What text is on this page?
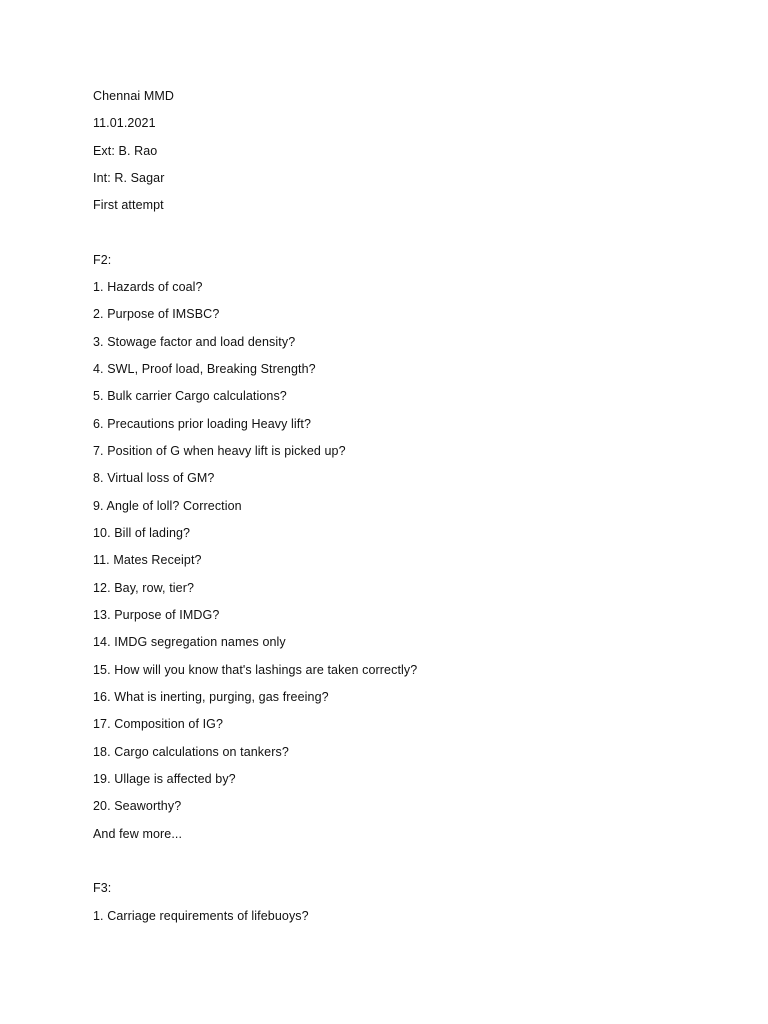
Chennai MMD
11.01.2021
Ext: B. Rao
Int: R. Sagar
First attempt
F2:
1. Hazards of coal?
2. Purpose of IMSBC?
3. Stowage factor and load density?
4. SWL, Proof load, Breaking Strength?
5. Bulk carrier Cargo calculations?
6. Precautions prior loading Heavy lift?
7. Position of G when heavy lift is picked up?
8. Virtual loss of GM?
9. Angle of loll? Correction
10. Bill of lading?
11. Mates Receipt?
12. Bay, row, tier?
13. Purpose of IMDG?
14. IMDG segregation names only
15. How will you know that's lashings are taken correctly?
16. What is inerting, purging, gas freeing?
17. Composition of IG?
18. Cargo calculations on tankers?
19. Ullage is affected by?
20. Seaworthy?
And few more...
F3:
1. Carriage requirements of lifebuoys?
